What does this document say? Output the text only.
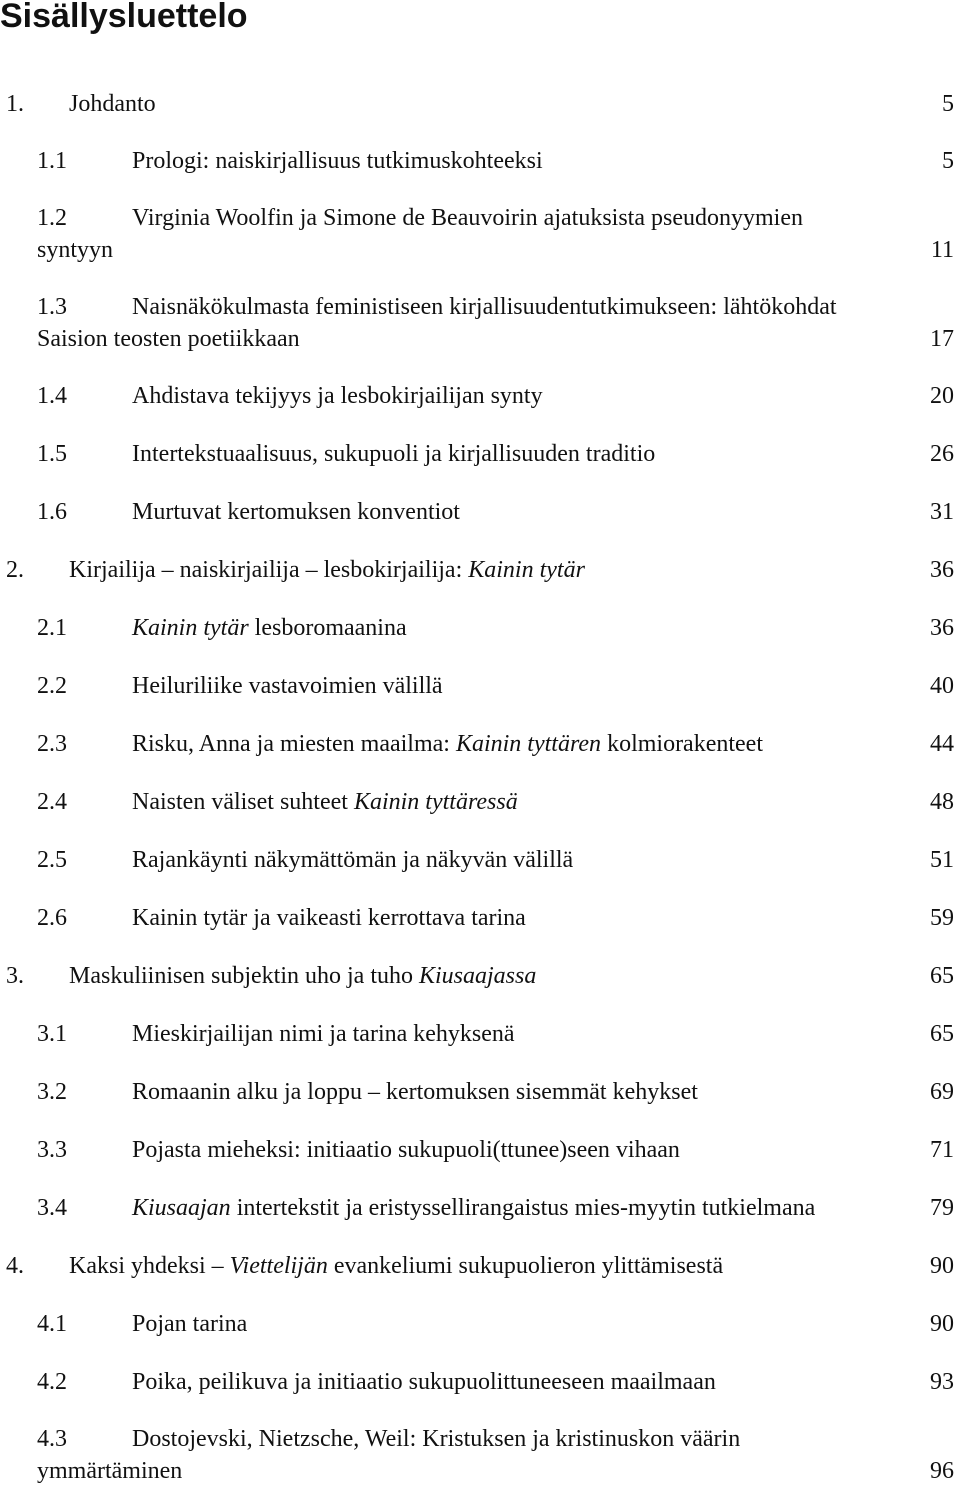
Sisällysluettelo
1. Johdanto	5
1.1	Prologi: naiskirjallisuus tutkimuskohteeksi	5
1.2	Virginia Woolfin ja Simone de Beauvoirin ajatuksista pseudonyymien
syntyyn	11
1.3	Naisnäkökulmasta feministiseen kirjallisuudentutkimukseen: lähtökohdat
Saision teosten poetiikkaan	17
1.4	Ahdistava tekijyys ja lesbokirjailijan synty	20
1.5	Intertekstuaalisuus, sukupuoli ja kirjallisuuden traditio	26
1.6	Murtuvat kertomuksen konventiot	31
2. Kirjailija – naiskirjailija – lesbokirjailija: Kainin tytär	36
2.1	Kainin tytär lesboromaanina	36
2.2	Heiluriliike vastavoimien välillä	40
2.3	Risku, Anna ja miesten maailma: Kainin tyttären kolmiorakenteet	44
2.4	Naisten väliset suhteet Kainin tyttäressä	48
2.5	Rajankäynti näkymättömän ja näkyvän välillä	51
2.6	Kainin tytär ja vaikeasti kerrottava tarina	59
3. Maskuliinisen subjektin uho ja tuho Kiusaajassa	65
3.1	Mieskirjailijan nimi ja tarina kehyksenä	65
3.2	Romaanin alku ja loppu – kertomuksen sisemmät kehykset	69
3.3	Pojasta mieheksi: initiaatio sukupuoli(ttunee)seen vihaan	71
3.4	Kiusaajan intertekstit ja eristyssellirangaistus mies-myytin tutkielmana	79
4. Kaksi yhdeksi – Viettelijän evankeliumi sukupuolieron ylittämisestä	90
4.1	Pojan tarina	90
4.2	Poika, peilikuva ja initiaatio sukupuolittuneeseen maailmaan	93
4.3	Dostojevski, Nietzsche, Weil: Kristuksen ja kristinuskon väärin
ymmärtäminen	96
